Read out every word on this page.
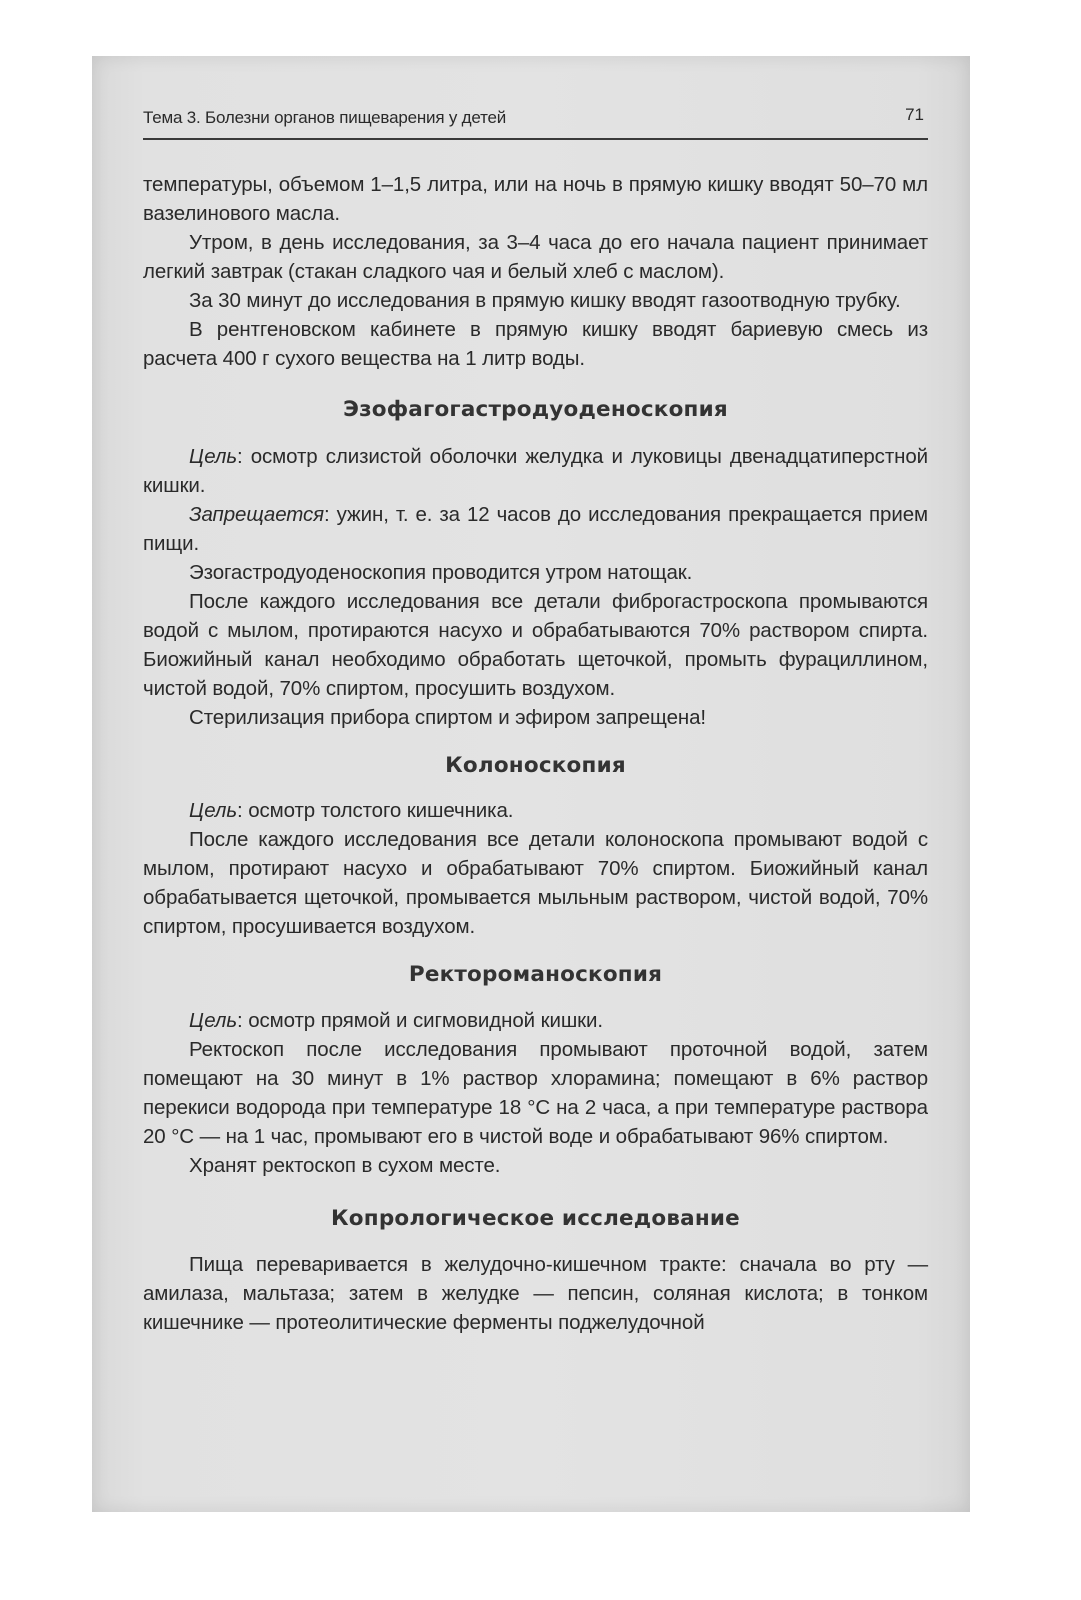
Тема 3. Болезни органов пищеварения у детей	71

температуры, объемом 1–1,5 литра, или на ночь в прямую кишку вводят 50–70 мл вазелинового масла.

Утром, в день исследования, за 3–4 часа до его начала пациент принимает легкий завтрак (стакан сладкого чая и белый хлеб с маслом).

За 30 минут до исследования в прямую кишку вводят газоотводную трубку.

В рентгеновском кабинете в прямую кишку вводят бариевую смесь из расчета 400 г сухого вещества на 1 литр воды.

Эзофагогастродуоденоскопия

Цель: осмотр слизистой оболочки желудка и луковицы двенадцатиперстной кишки.

Запрещается: ужин, т. е. за 12 часов до исследования прекращается прием пищи.

Эзогастродуоденоскопия проводится утром натощак.

После каждого исследования все детали фиброгастроскопа промываются водой с мылом, протираются насухо и обрабатываются 70% раствором спирта. Биожийный канал необходимо обработать щеточкой, промыть фурациллином, чистой водой, 70% спиртом, просушить воздухом.

Стерилизация прибора спиртом и эфиром запрещена!

Колоноскопия

Цель: осмотр толстого кишечника.

После каждого исследования все детали колоноскопа промывают водой с мылом, протирают насухо и обрабатывают 70% спиртом. Биожийный канал обрабатывается щеточкой, промывается мыльным раствором, чистой водой, 70% спиртом, просушивается воздухом.

Ректороманоскопия

Цель: осмотр прямой и сигмовидной кишки.

Ректоскоп после исследования промывают проточной водой, затем помещают на 30 минут в 1% раствор хлорамина; помещают в 6% раствор перекиси водорода при температуре 18 °С на 2 часа, а при температуре раствора 20 °С — на 1 час, промывают его в чистой воде и обрабатывают 96% спиртом.

Хранят ректоскоп в сухом месте.

Копрологическое исследование

Пища переваривается в желудочно-кишечном тракте: сначала во рту — амилаза, мальтаза; затем в желудке — пепсин, соляная кислота; в тонком кишечнике — протеолитические ферменты поджелудочной
